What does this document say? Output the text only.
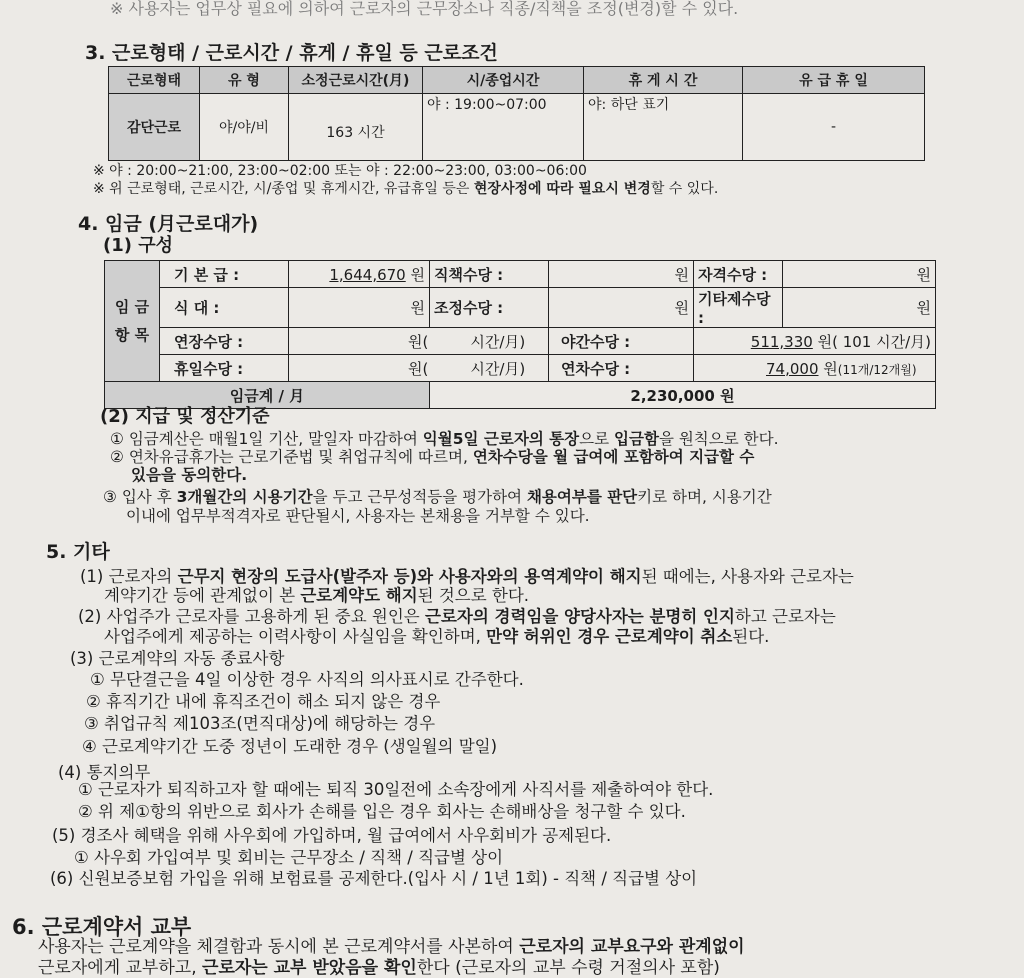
※ 사용자는 업무상 필요에 의하여 근로자의 근무장소나 직종/직책을 조정(변경)할 수 있다.
3. 근로형태 / 근로시간 / 휴게 / 휴일 등 근로조건
근로형태	유 형	소정근로시간(月)	시/종업시간	휴 게 시 간	유 급 휴 일
감단근로	야/야/비	163 시간	야 : 19:00~07:00	야: 하단 표기	-
※ 야 : 20:00~21:00, 23:00~02:00 또는 야 : 22:00~23:00, 03:00~06:00
※ 위 근로형태, 근로시간, 시/종업 및 휴게시간, 유급휴일 등은 현장사정에 따라 필요시 변경할 수 있다.
4. 임금 (月근로대가)
(1) 구성
임 금
항 목	기 본 급 :	1,644,670 원	직책수당 :	원	자격수당 :	원
	식 대 :	원	조정수당 :	원	기타제수당 :	원
	연장수당 :	원( 시간/月)		야간수당 :	511,330 원( 101 시간/月)	
	휴일수당 :	원( 시간/月)		연차수당 :	74,000 원(11개/12개월)	
임금계 / 月			2,230,000 원			
(2) 지급 및 정산기준
① 임금계산은 매월1일 기산, 말일자 마감하여 익월5일 근로자의 통장으로 입금함을 원칙으로 한다.
② 연차유급휴가는 근로기준법 및 취업규칙에 따르며, 연차수당을 월 급여에 포함하여 지급할 수
있음을 동의한다.
③ 입사 후 3개월간의 시용기간을 두고 근무성적등을 평가하여 채용여부를 판단키로 하며, 시용기간
이내에 업무부적격자로 판단될시, 사용자는 본채용을 거부할 수 있다.
5. 기타
(1) 근로자의 근무지 현장의 도급사(발주자 등)와 사용자와의 용역계약이 해지된 때에는, 사용자와 근로자는
계약기간 등에 관계없이 본 근로계약도 해지된 것으로 한다.
(2) 사업주가 근로자를 고용하게 된 중요 원인은 근로자의 경력임을 양당사자는 분명히 인지하고 근로자는
사업주에게 제공하는 이력사항이 사실임을 확인하며, 만약 허위인 경우 근로계약이 취소된다.
(3) 근로계약의 자동 종료사항
① 무단결근을 4일 이상한 경우 사직의 의사표시로 간주한다.
② 휴직기간 내에 휴직조건이 해소 되지 않은 경우
③ 취업규칙 제103조(면직대상)에 해당하는 경우
④ 근로계약기간 도중 정년이 도래한 경우 (생일월의 말일)
(4) 통지의무
① 근로자가 퇴직하고자 할 때에는 퇴직 30일전에 소속장에게 사직서를 제출하여야 한다.
② 위 제①항의 위반으로 회사가 손해를 입은 경우 회사는 손해배상을 청구할 수 있다.
(5) 경조사 혜택을 위해 사우회에 가입하며, 월 급여에서 사우회비가 공제된다.
① 사우회 가입여부 및 회비는 근무장소 / 직책 / 직급별 상이
(6) 신원보증보험 가입을 위해 보험료를 공제한다.(입사 시 / 1년 1회) - 직책 / 직급별 상이
6. 근로계약서 교부
사용자는 근로계약을 체결함과 동시에 본 근로계약서를 사본하여 근로자의 교부요구와 관계없이
근로자에게 교부하고, 근로자는 교부 받았음을 확인한다 (근로자의 교부 수령 거절의사 포함)
